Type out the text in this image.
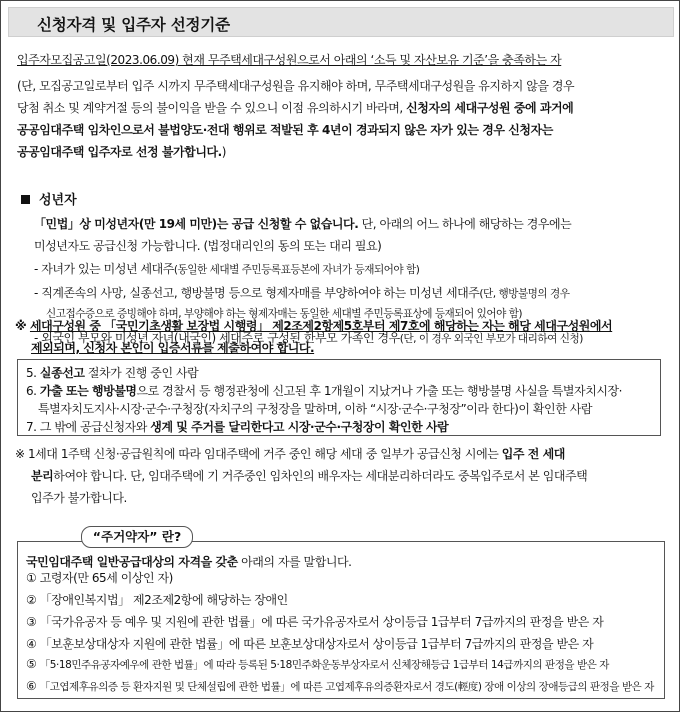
신청자격 및 입주자 선정기준
입주자모집공고일(2023.06.09) 현재 무주택세대구성원으로서 아래의 ‘소득 및 자산보유 기준’을 충족하는 자
(단, 모집공고일로부터 입주 시까지 무주택세대구성원을 유지해야 하며, 무주택세대구성원을 유지하지 않을 경우
당첨 취소 및 계약거절 등의 불이익을 받을 수 있으니 이점 유의하시기 바라며, 신청자의 세대구성원 중에 과거에
공공임대주택 임차인으로서 불법양도·전대 행위로 적발된 후 4년이 경과되지 않은 자가 있는 경우 신청자는
공공임대주택 입주자로 선정 불가합니다.)
성년자
「민법」상 미성년자(만 19세 미만)는 공급 신청할 수 없습니다. 단, 아래의 어느 하나에 해당하는 경우에는
미성년자도 공급신청 가능합니다. (법정대리인의 동의 또는 대리 필요)
- 자녀가 있는 미성년 세대주(동일한 세대별 주민등록표등본에 자녀가 등재되어야 함)
- 직계존속의 사망, 실종선고, 행방불명 등으로 형제자매를 부양하여야 하는 미성년 세대주(단, 행방불명의 경우
신고접수증으로 증빙해야 하며, 부양해야 하는 형제자매는 동일한 세대별 주민등록표상에 등재되어 있어야 함)
- 외국인 부모와 미성년 자녀(내국인) 세대주로 구성된 한부모 가족인 경우(단, 이 경우 외국인 부모가 대리하여 신청)
※ 세대구성원 중 「국민기초생활 보장법 시행령」 제2조제2항제5호부터 제7호에 해당하는 자는 해당 세대구성원에서
제외되며, 신청자 본인이 입증서류를 제출하여야 합니다.
5. 실종선고 절차가 진행 중인 사람
6. 가출 또는 행방불명으로 경찰서 등 행정관청에 신고된 후 1개월이 지났거나 가출 또는 행방불명 사실을 특별자치시장·
특별자치도지사·시장·군수·구청장(자치구의 구청장을 말하며, 이하 “시장·군수·구청장”이라 한다)이 확인한 사람
7. 그 밖에 공급신청자와 생계 및 주거를 달리한다고 시장·군수·구청장이 확인한 사람
※ 1세대 1주택 신청·공급원칙에 따라 임대주택에 거주 중인 해당 세대 중 일부가 공급신청 시에는 입주 전 세대
분리하여야 합니다. 단, 임대주택에 기 거주중인 임차인의 배우자는 세대분리하더라도 중복입주로서 본 임대주택
입주가 불가합니다.
국민임대주택 일반공급대상의 자격을 갖춘 아래의 자를 말합니다.
① 고령자(만 65세 이상인 자)
② 「장애인복지법」 제2조제2항에 해당하는 장애인
③ 「국가유공자 등 예우 및 지원에 관한 법률」에 따른 국가유공자로서 상이등급 1급부터 7급까지의 판정을 받은 자
④ 「보훈보상대상자 지원에 관한 법률」에 따른 보훈보상대상자로서 상이등급 1급부터 7급까지의 판정을 받은 자
⑤ 「5·18민주유공자예우에 관한 법률」에 따라 등록된 5·18민주화운동부상자로서 신체장해등급 1급부터 14급까지의 판정을 받은 자
⑥ 「고엽제후유의증 등 환자지원 및 단체설립에 관한 법률」에 따른 고엽제후유의증환자로서 경도(輕度) 장애 이상의 장애등급의 판정을 받은 자
“주거약자” 란?
